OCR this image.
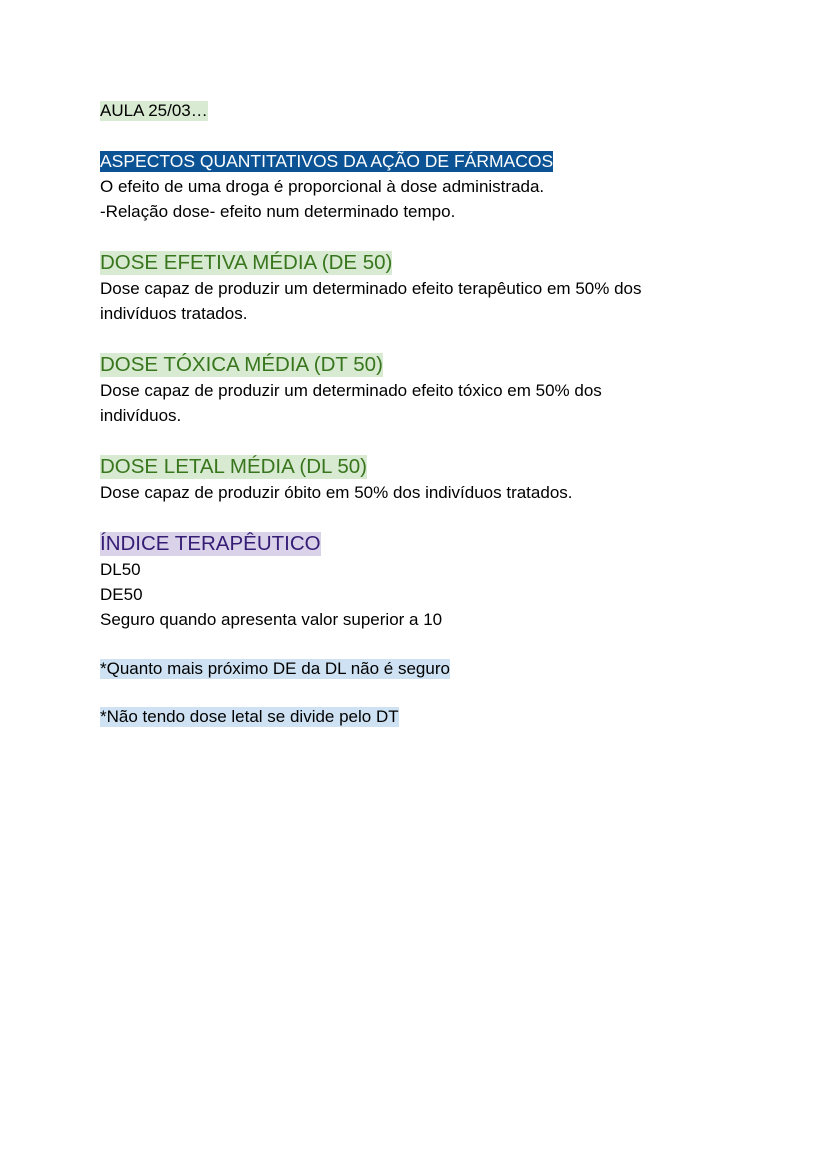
AULA 25/03…

ASPECTOS QUANTITATIVOS DA AÇÃO DE FÁRMACOS

O efeito de uma droga é proporcional à dose administrada.

-Relação dose- efeito num determinado tempo.

DOSE EFETIVA MÉDIA (DE 50)

Dose capaz de produzir um determinado efeito terapêutico em 50% dos

indivíduos tratados.

DOSE TÓXICA MÉDIA (DT 50)

Dose capaz de produzir um determinado efeito tóxico em 50% dos

indivíduos.

DOSE LETAL MÉDIA (DL 50)

Dose capaz de produzir óbito em 50% dos indivíduos tratados.

ÍNDICE TERAPÊUTICO

DL50

DE50

Seguro quando apresenta valor superior a 10

*Quanto mais próximo DE da DL não é seguro

*Não tendo dose letal se divide pelo DT
